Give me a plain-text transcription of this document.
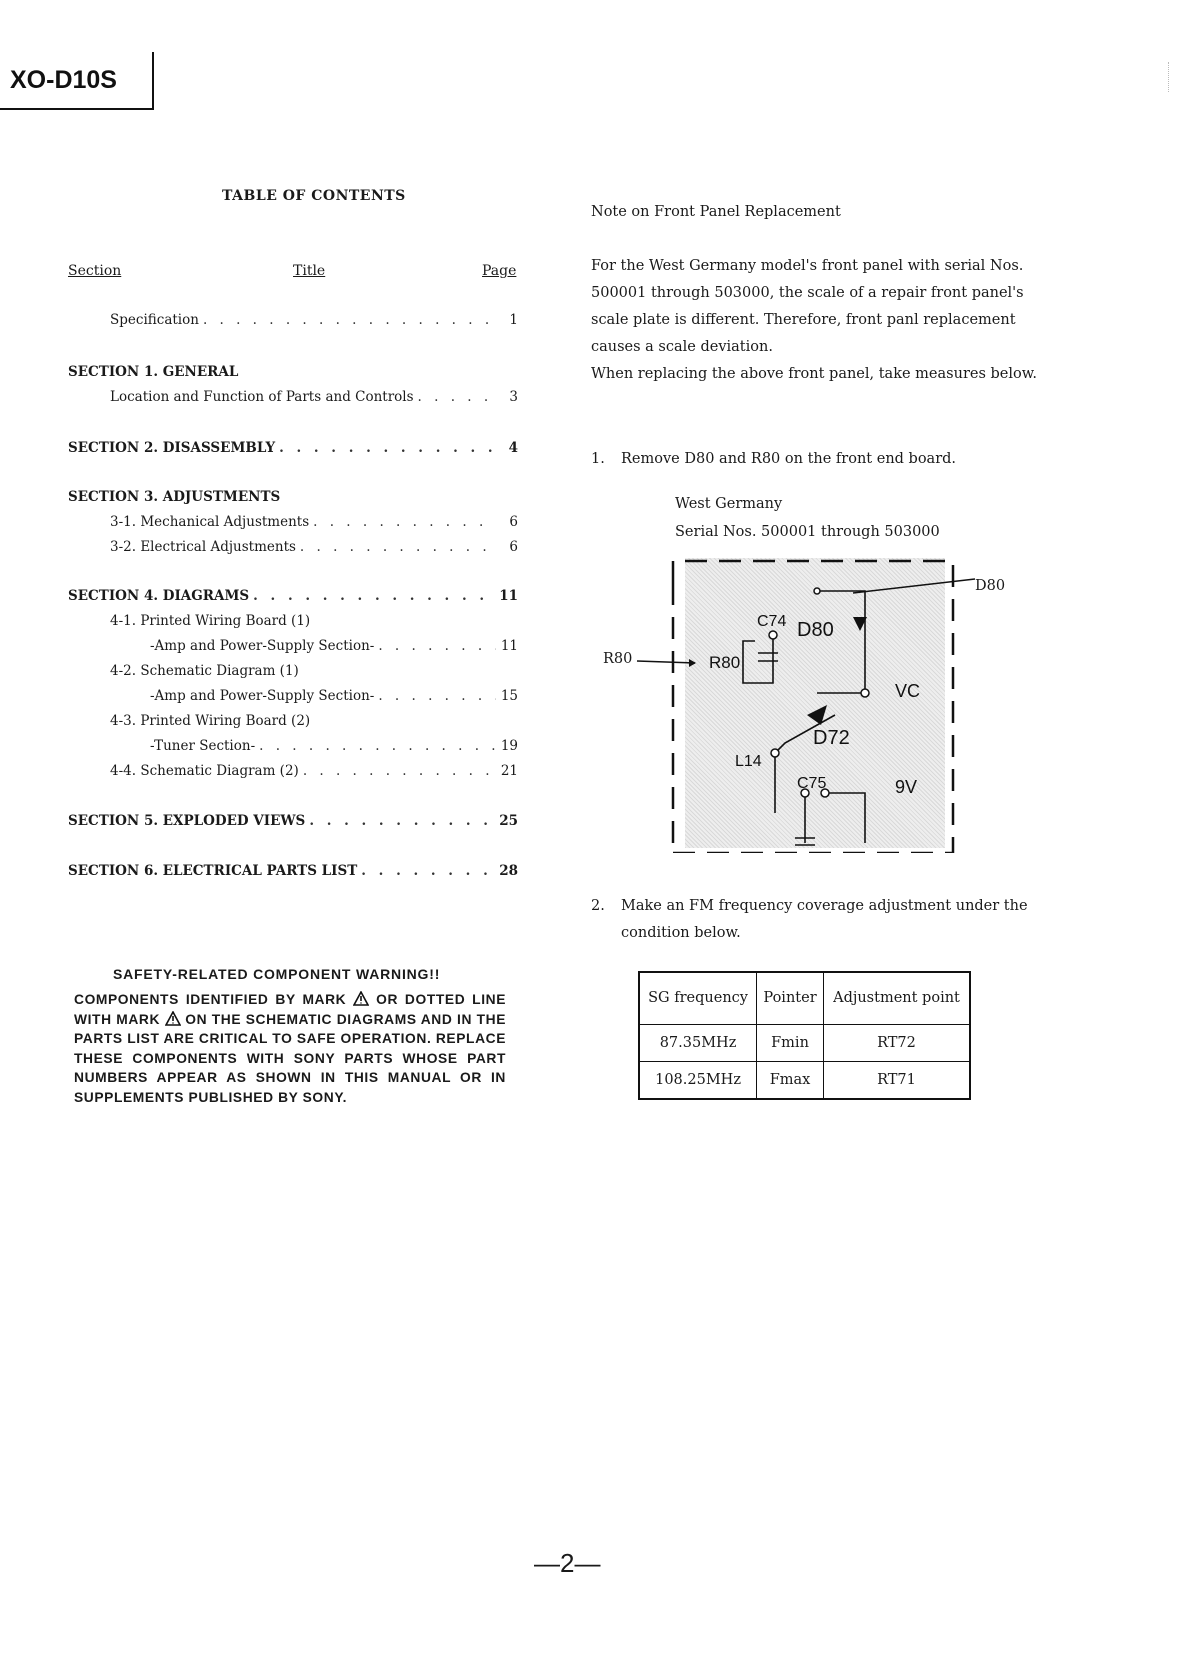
XO-D10S
TABLE OF CONTENTS
Section	Title	Page
Specification . . .	1
SECTION 1. GENERAL
Location and Function of Parts and Controls . . .	3
SECTION 2. DISASSEMBLY . . .	4
SECTION 3. ADJUSTMENTS
3-1. Mechanical Adjustments . . .	6
3-2. Electrical Adjustments . . .	6
SECTION 4. DIAGRAMS . . .	11
4-1. Printed Wiring Board (1)
-Amp and Power-Supply Section- . . .	11
4-2. Schematic Diagram (1)
-Amp and Power-Supply Section- . . .	15
4-3. Printed Wiring Board (2)
-Tuner Section- . . .	19
4-4. Schematic Diagram (2) . . .	21
SECTION 5. EXPLODED VIEWS . . .	25
SECTION 6. ELECTRICAL PARTS LIST . . .	28
SAFETY-RELATED COMPONENT WARNING!!
COMPONENTS IDENTIFIED BY MARK OR DOTTED LINE WITH MARK ON THE SCHEMATIC DIAGRAMS AND IN THE PARTS LIST ARE CRITICAL TO SAFE OPERATION. REPLACE THESE COMPONENTS WITH SONY PARTS WHOSE PART NUMBERS APPEAR AS SHOWN IN THIS MANUAL OR IN SUPPLEMENTS PUBLISHED BY SONY.
Note on Front Panel Replacement
For the West Germany model's front panel with serial Nos. 500001 through 503000, the scale of a repair front panel's scale plate is different. Therefore, front panl replacement causes a scale deviation.
When replacing the above front panel, take measures below.
1. Remove D80 and R80 on the front end board.
West Germany
Serial Nos. 500001 through 503000
D80
R80
C74 D80
R80
VC
D72
L14
C75	9V
2. Make an FM frequency coverage adjustment under the condition below.
SG frequency	Pointer	Adjustment point
87.35MHz	Fmin	RT72
108.25MHz	Fmax	RT71
—2—
